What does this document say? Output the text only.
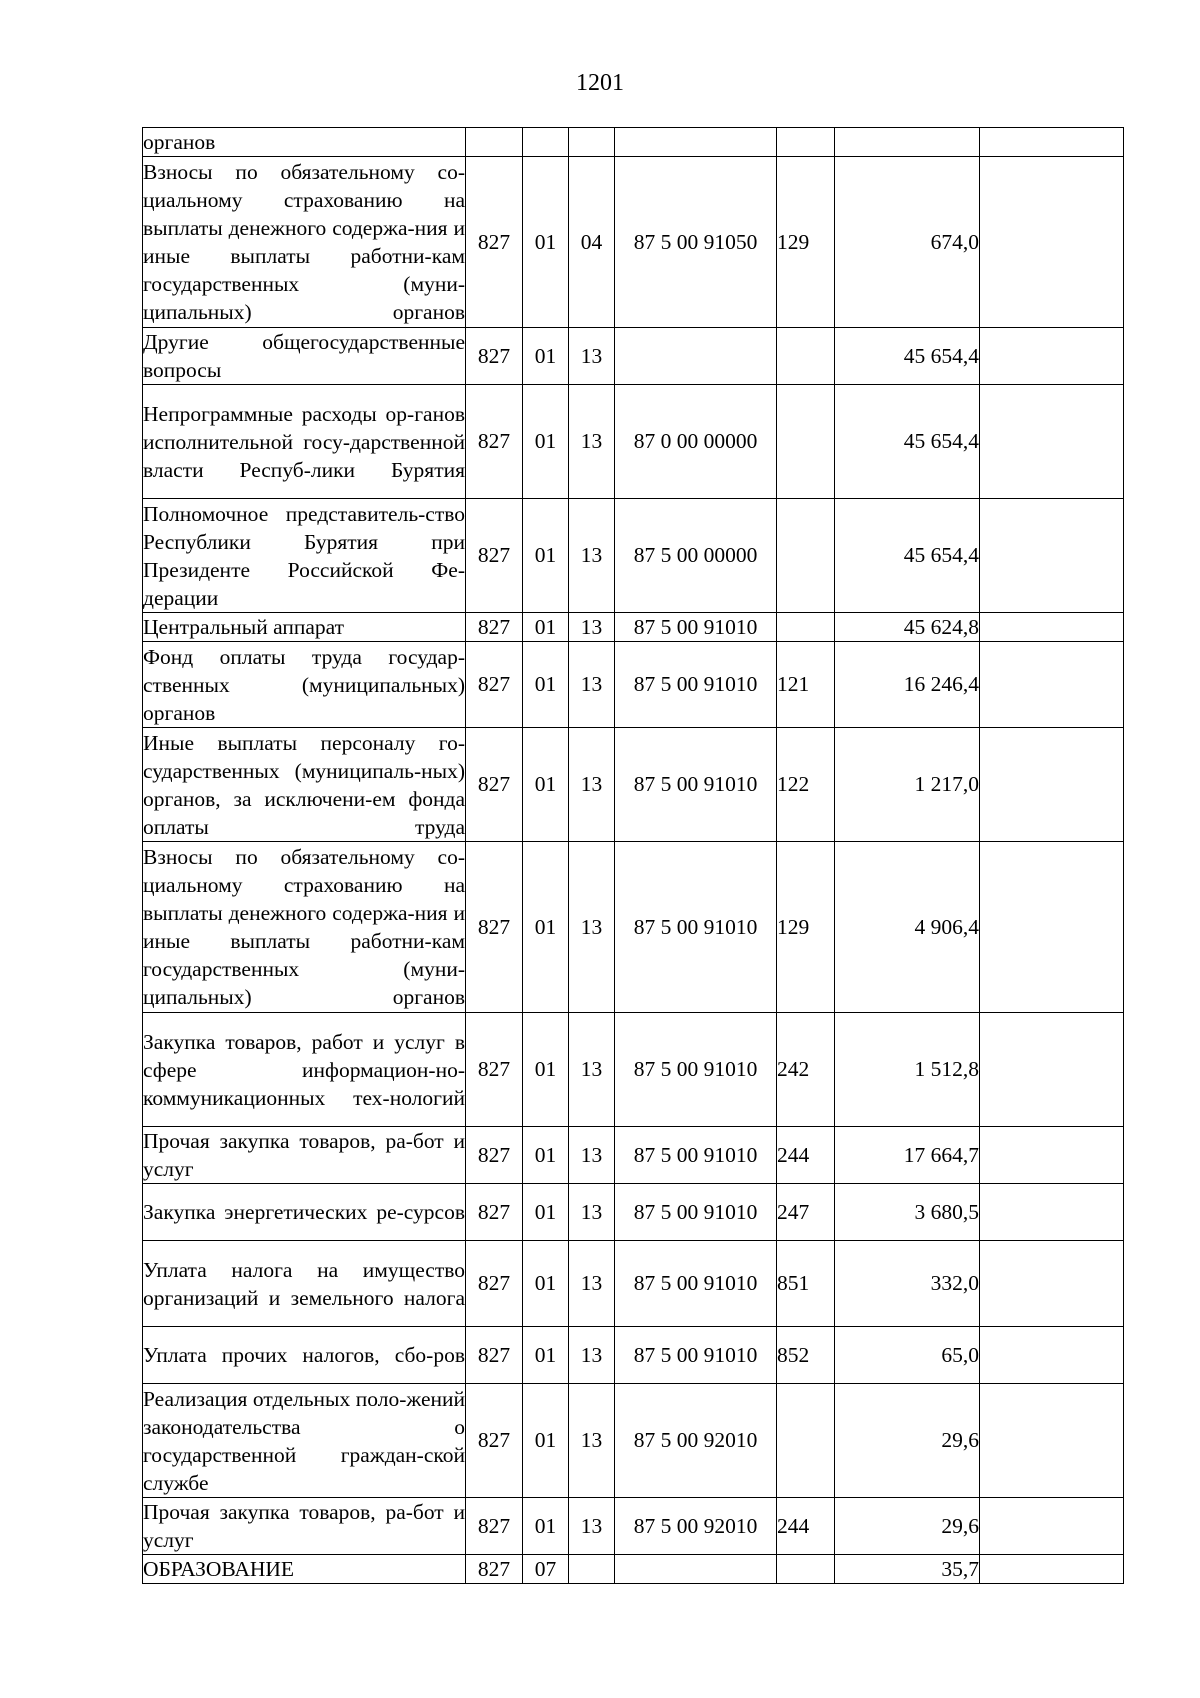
1201
органов							
Взносы по обязательному со-циальному страхованию на выплаты денежного содержа-ния и иные выплаты работни-кам государственных (муни-ципальных) органов	827	01	04	87 5 00 91050	129	674,0	
Другие общегосударственные вопросы	827	01	13			45 654,4	
Непрограммные расходы ор-ганов исполнительной госу-дарственной власти Респуб-лики Бурятия	827	01	13	87 0 00 00000		45 654,4	
Полномочное представитель-ство Республики Бурятия при Президенте Российской Фе-дерации	827	01	13	87 5 00 00000		45 654,4	
Центральный аппарат	827	01	13	87 5 00 91010		45 624,8	
Фонд оплаты труда государ-ственных (муниципальных) органов	827	01	13	87 5 00 91010	121	16 246,4	
Иные выплаты персоналу го-сударственных (муниципаль-ных) органов, за исключени-ем фонда оплаты труда	827	01	13	87 5 00 91010	122	1 217,0	
Взносы по обязательному со-циальному страхованию на выплаты денежного содержа-ния и иные выплаты работни-кам государственных (муни-ципальных) органов	827	01	13	87 5 00 91010	129	4 906,4	
Закупка товаров, работ и услуг в сфере информацион-но-коммуникационных тех-нологий	827	01	13	87 5 00 91010	242	1 512,8	
Прочая закупка товаров, ра-бот и услуг	827	01	13	87 5 00 91010	244	17 664,7	
Закупка энергетических ре-сурсов	827	01	13	87 5 00 91010	247	3 680,5	
Уплата налога на имущество организаций и земельного налога	827	01	13	87 5 00 91010	851	332,0	
Уплата прочих налогов, сбо-ров	827	01	13	87 5 00 91010	852	65,0	
Реализация отдельных поло-жений законодательства о государственной граждан-ской службе	827	01	13	87 5 00 92010		29,6	
Прочая закупка товаров, ра-бот и услуг	827	01	13	87 5 00 92010	244	29,6	
ОБРАЗОВАНИЕ	827	07				35,7	
